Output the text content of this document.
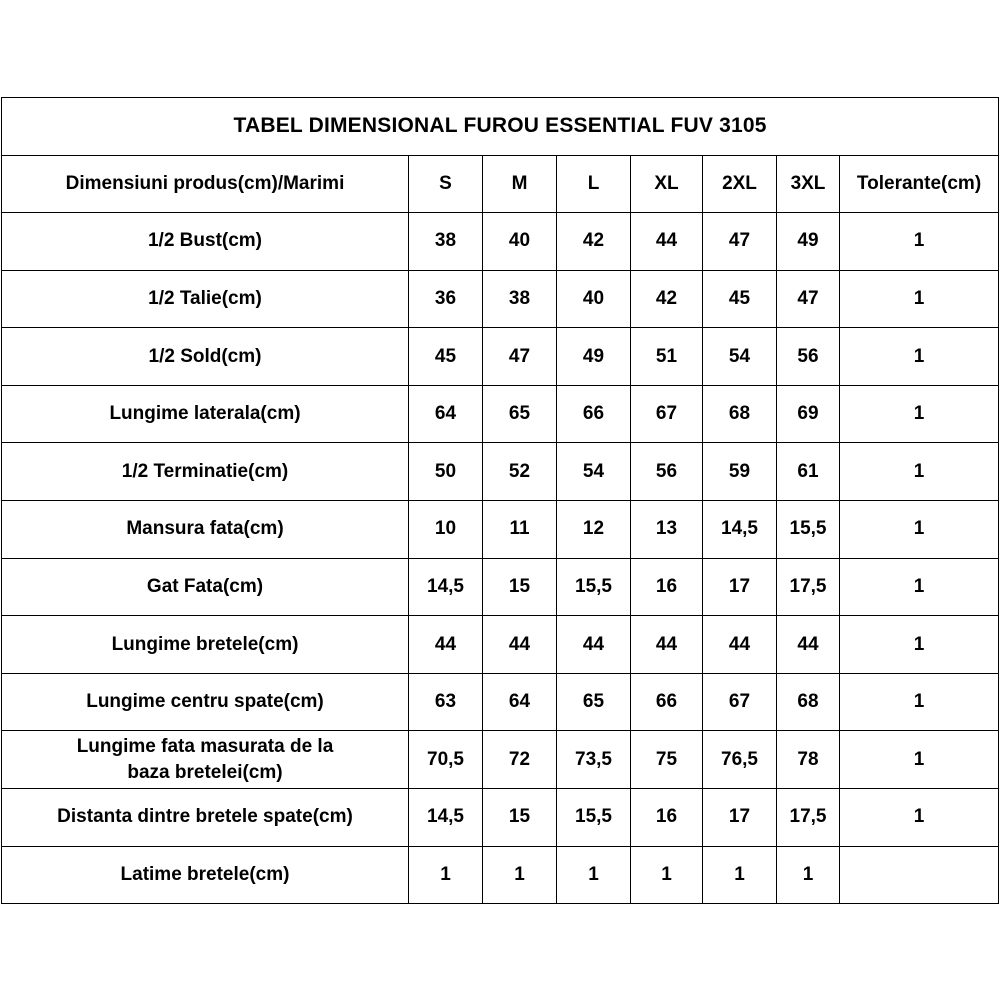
TABEL DIMENSIONAL FUROU ESSENTIAL FUV 3105							
Dimensiuni produs(cm)/Marimi	S	M	L	XL	2XL	3XL	Tolerante(cm)

1/2 Bust(cm)	38	40	42	44	47	49	1

1/2 Talie(cm)	36	38	40	42	45	47	1

1/2 Sold(cm)	45	47	49	51	54	56	1

Lungime laterala(cm)	64	65	66	67	68	69	1

1/2 Terminatie(cm)	50	52	54	56	59	61	1

Mansura fata(cm)	10	11	12	13	14,5	15,5	1

Gat Fata(cm)	14,5	15	15,5	16	17	17,5	1

Lungime bretele(cm)	44	44	44	44	44	44	1

Lungime centru spate(cm)	63	64	65	66	67	68	1

Lungime fata masurata de la
baza bretelei(cm)	70,5	72	73,5	75	76,5	78	1

Distanta dintre bretele spate(cm)	14,5	15	15,5	16	17	17,5	1

Latime bretele(cm)	1	1	1	1	1	1	
